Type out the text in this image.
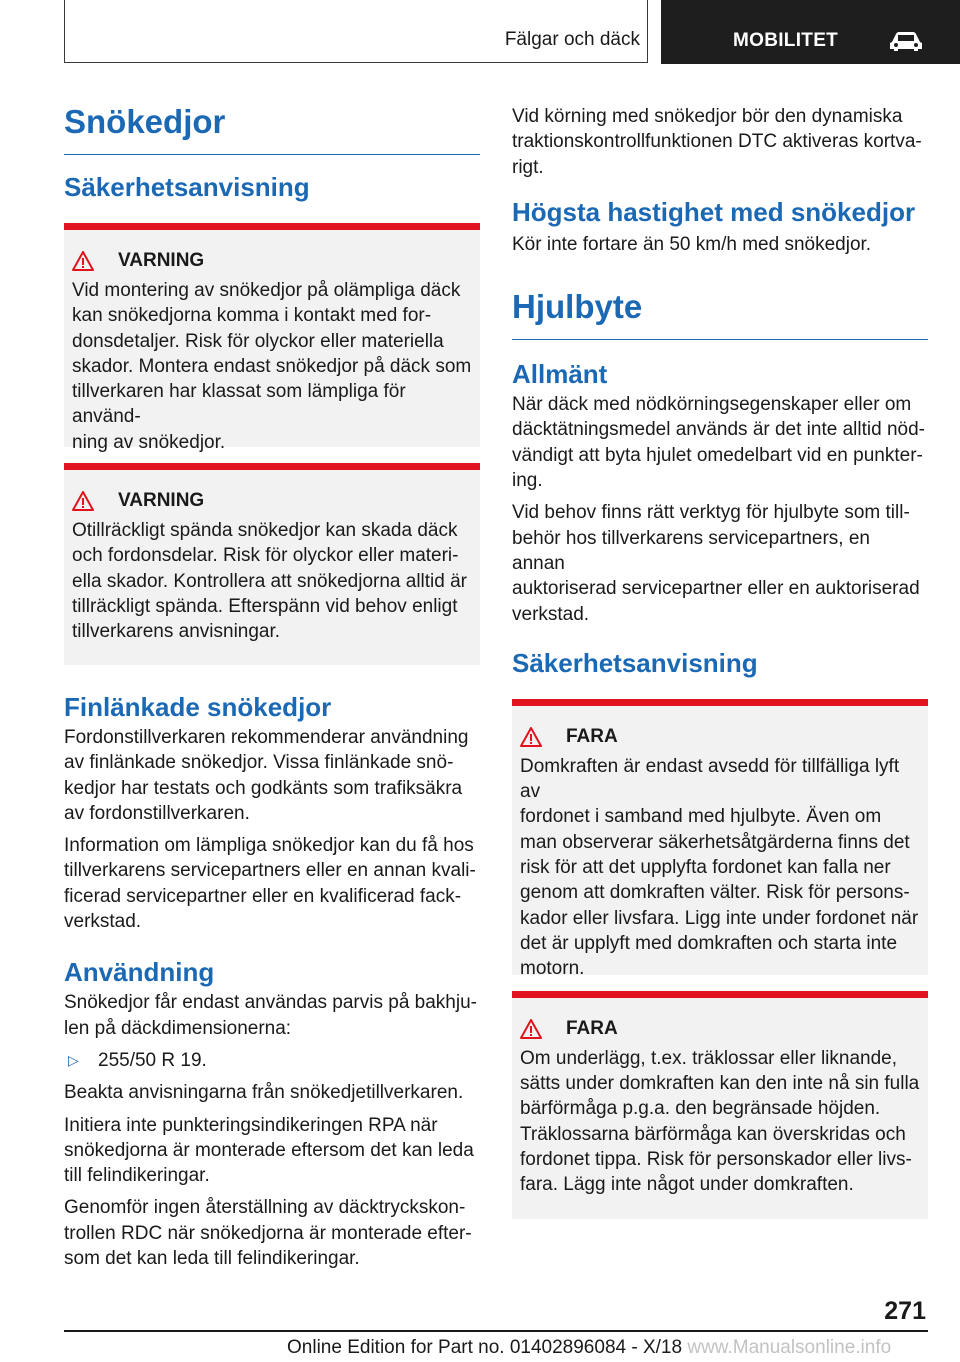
Fälgar och däck	MOBILITET
Snökedjor
Säkerhetsanvisning
VARNING
Vid montering av snökedjor på olämpliga däck
kan snökedjorna komma i kontakt med for‐
donsdetaljer. Risk för olyckor eller materiella
skador. Montera endast snökedjor på däck som
tillverkaren har klassat som lämpliga för använd‐
ning av snökedjor.
VARNING
Otillräckligt spända snökedjor kan skada däck
och fordonsdelar. Risk för olyckor eller materi‐
ella skador. Kontrollera att snökedjorna alltid är
tillräckligt spända. Efterspänn vid behov enligt
tillverkarens anvisningar.
Finlänkade snökedjor
Fordonstillverkaren rekommenderar användning
av finlänkade snökedjor. Vissa finlänkade snö‐
kedjor har testats och godkänts som trafiksäkra
av fordonstillverkaren.
Information om lämpliga snökedjor kan du få hos
tillverkarens servicepartners eller en annan kvali‐
ficerad servicepartner eller en kvalificerad fack‐
verkstad.
Användning
Snökedjor får endast användas parvis på bakhju‐
len på däckdimensionerna:
▷	255/50 R 19.
Beakta anvisningarna från snökedjetillverkaren.
Initiera inte punkteringsindikeringen RPA när
snökedjorna är monterade eftersom det kan leda
till felindikeringar.
Genomför ingen återställning av däcktryckskon‐
trollen RDC när snökedjorna är monterade efter‐
som det kan leda till felindikeringar.
Vid körning med snökedjor bör den dynamiska
traktionskontrollfunktionen DTC aktiveras kortva‐
rigt.
Högsta hastighet med snökedjor
Kör inte fortare än 50 km/h med snökedjor.
Hjulbyte
Allmänt
När däck med nödkörningsegenskaper eller om
däcktätningsmedel används är det inte alltid nöd‐
vändigt att byta hjulet omedelbart vid en punkter‐
ing.
Vid behov finns rätt verktyg för hjulbyte som till‐
behör hos tillverkarens servicepartners, en annan
auktoriserad servicepartner eller en auktoriserad
verkstad.
Säkerhetsanvisning
FARA
Domkraften är endast avsedd för tillfälliga lyft av
fordonet i samband med hjulbyte. Även om
man observerar säkerhetsåtgärderna finns det
risk för att det upplyfta fordonet kan falla ner
genom att domkraften välter. Risk för persons‐
kador eller livsfara. Ligg inte under fordonet när
det är upplyft med domkraften och starta inte
motorn.
FARA
Om underlägg, t.ex. träklossar eller liknande,
sätts under domkraften kan den inte nå sin fulla
bärförmåga p.g.a. den begränsade höjden.
Träklossarna bärförmåga kan överskridas och
fordonet tippa. Risk för personskador eller livs‐
fara. Lägg inte något under domkraften.
271
Online Edition for Part no. 01402896084 - X/18 www.Manualsonline.info
